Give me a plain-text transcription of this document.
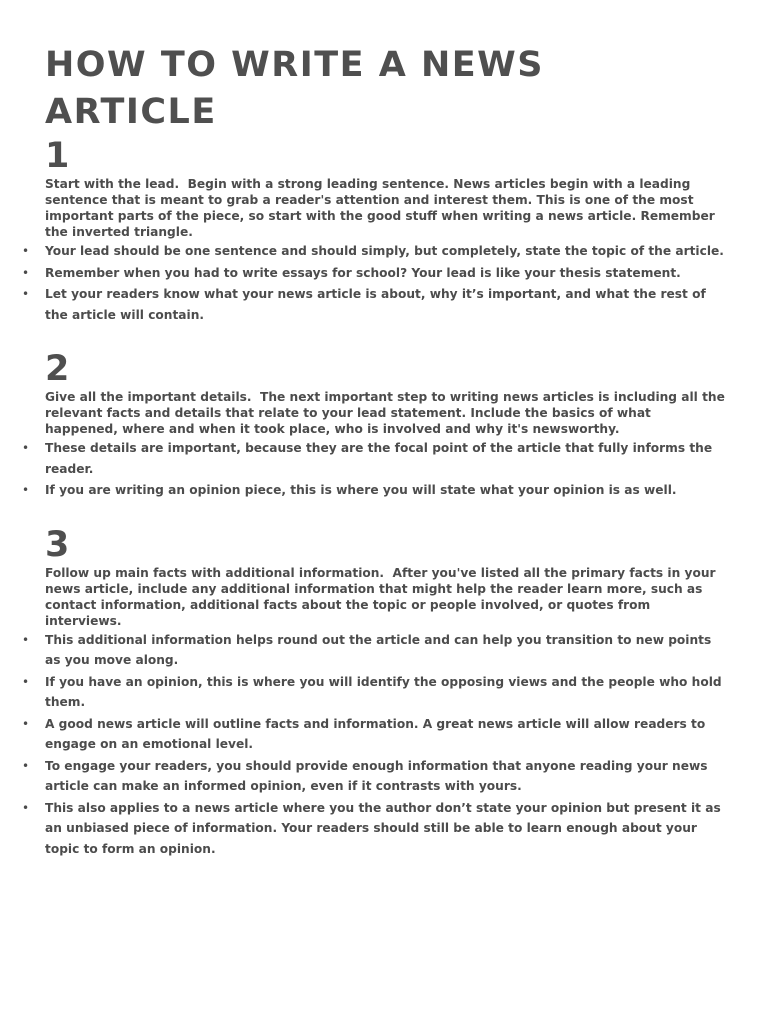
HOW TO WRITE A NEWS ARTICLE
1

Start with the lead.  Begin with a strong leading sentence. News articles begin with a leading sentence that is meant to grab a reader's attention and interest them. This is one of the most important parts of the piece, so start with the good stuff when writing a news article. Remember the inverted triangle.

• Your lead should be one sentence and should simply, but completely, state the topic of the article.
• Remember when you had to write essays for school? Your lead is like your thesis statement.
• Let your readers know what your news article is about, why it’s important, and what the rest of the article will contain.
2

Give all the important details.  The next important step to writing news articles is including all the relevant facts and details that relate to your lead statement. Include the basics of what happened, where and when it took place, who is involved and why it's newsworthy.

• These details are important, because they are the focal point of the article that fully informs the reader.
• If you are writing an opinion piece, this is where you will state what your opinion is as well.
3

Follow up main facts with additional information.  After you've listed all the primary facts in your news article, include any additional information that might help the reader learn more, such as contact information, additional facts about the topic or people involved, or quotes from interviews.

• This additional information helps round out the article and can help you transition to new points as you move along.
• If you have an opinion, this is where you will identify the opposing views and the people who hold them.
• A good news article will outline facts and information. A great news article will allow readers to engage on an emotional level.
• To engage your readers, you should provide enough information that anyone reading your news article can make an informed opinion, even if it contrasts with yours.
• This also applies to a news article where you the author don’t state your opinion but present it as an unbiased piece of information. Your readers should still be able to learn enough about your topic to form an opinion.
